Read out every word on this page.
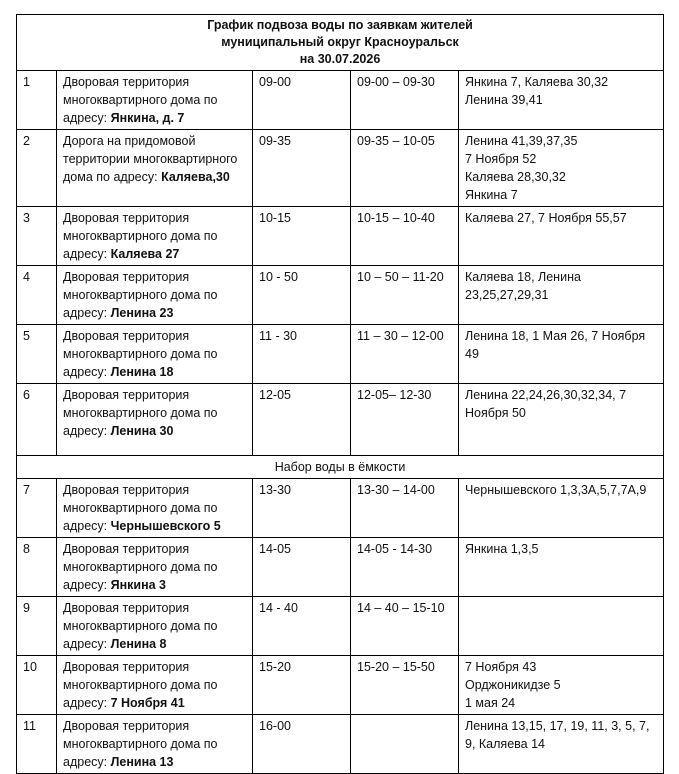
График подвоза воды по заявкам жителей
муниципальный округ Красноуральск
на 30.07.2026				

1	Дворовая территория многоквартирного дома по адресу: Янкина, д. 7	09-00	09-00 – 09-30	Янкина 7, Каляева 30,32
Ленина 39,41

2	Дорога на придомовой территории многоквартирного дома по адресу: Каляева,30	09-35	09-35 – 10-05	Ленина 41,39,37,35
7 Ноября 52
Каляева 28,30,32
Янкина 7

3	Дворовая территория многоквартирного дома по адресу: Каляева 27	10-15	10-15 – 10-40	Каляева 27, 7 Ноября 55,57

4	Дворовая территория многоквартирного дома по адресу: Ленина 23	10 - 50	10 – 50 – 11-20	Каляева 18, Ленина 23,25,27,29,31

5	Дворовая территория многоквартирного дома по адресу: Ленина 18	11 - 30	11 – 30 – 12-00	Ленина 18, 1 Мая 26, 7 Ноября 49

6	Дворовая территория многоквартирного дома по адресу: Ленина 30	12-05	12-05– 12-30	Ленина 22,24,26,30,32,34, 7 Ноября 50

Набор воды в ёмкости				
7	Дворовая территория многоквартирного дома по адресу: Чернышевского 5	13-30	13-30 – 14-00	Чернышевского 1,3,3А,5,7,7А,9

8	Дворовая территория многоквартирного дома по адресу: Янкина 3	14-05	14-05 - 14-30	Янкина 1,3,5

9	Дворовая территория многоквартирного дома по адресу: Ленина 8	14 - 40	14 – 40 – 15-10	
10	Дворовая территория многоквартирного дома по адресу: 7 Ноября 41	15-20	15-20 – 15-50	7 Ноября 43
Орджоникидзе 5
1 мая 24

11	Дворовая территория многоквартирного дома по адресу: Ленина 13	16-00		Ленина 13,15, 17, 19, 11, 3, 5, 7, 9, Каляева 14
